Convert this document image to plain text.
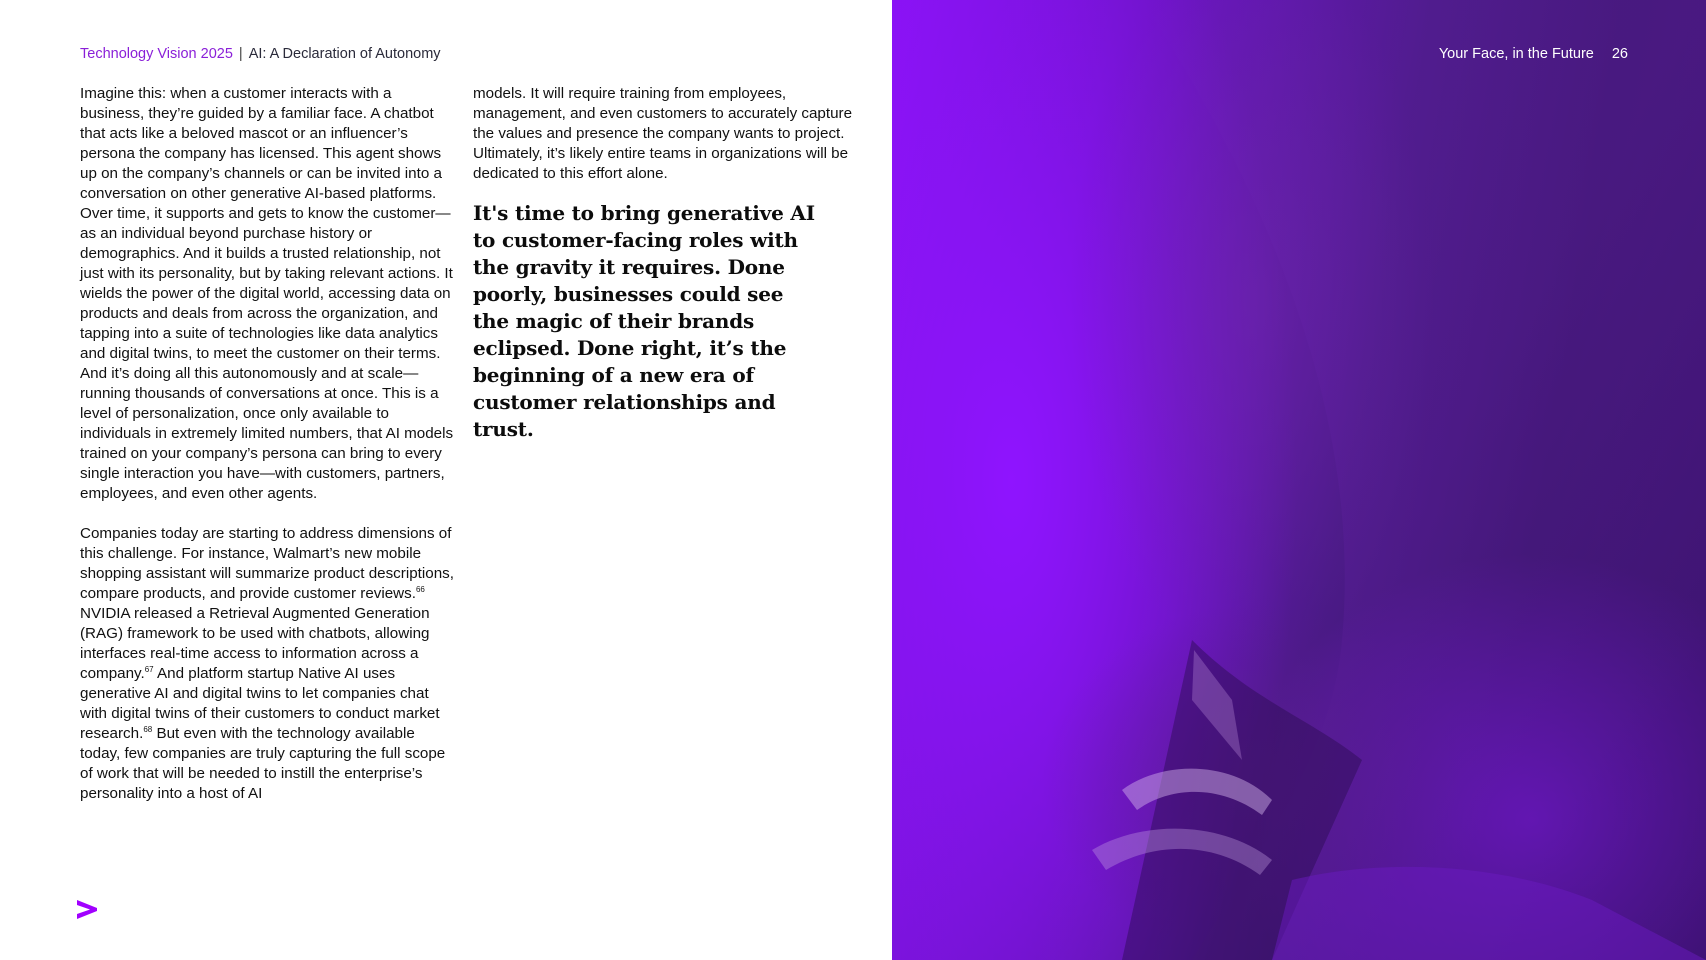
Technology Vision 2025 | AI: A Declaration of Autonomy

Imagine this: when a customer interacts with a business, they’re guided by a familiar face. A chatbot that acts like a beloved mascot or an influencer’s persona the company has licensed. This agent shows up on the company’s channels or can be invited into a conversation on other generative AI-based platforms. Over time, it supports and gets to know the customer—as an individual beyond purchase history or demographics. And it builds a trusted relationship, not just with its personality, but by taking relevant actions. It wields the power of the digital world, accessing data on products and deals from across the organization, and tapping into a suite of technologies like data analytics and digital twins, to meet the customer on their terms. And it’s doing all this autonomously and at scale—running thousands of conversations at once. This is a level of personalization, once only available to individuals in extremely limited numbers, that AI models trained on your company’s persona can bring to every single interaction you have—with customers, partners, employees, and even other agents.

Companies today are starting to address dimensions of this challenge. For instance, Walmart’s new mobile shopping assistant will summarize product descriptions, compare products, and provide customer reviews.$^{66}$ NVIDIA released a Retrieval Augmented Generation (RAG) framework to be used with chatbots, allowing interfaces real-time access to information across a company.$^{67}$ And platform startup Native AI uses generative AI and digital twins to let companies chat with digital twins of their customers to conduct market research.$^{68}$ But even with the technology available today, few companies are truly capturing the full scope of work that will be needed to instill the enterprise’s personality into a host of AI

models. It will require training from employees, management, and even customers to accurately capture the values and presence the company wants to project. Ultimately, it’s likely entire teams in organizations will be dedicated to this effort alone.

It's time to bring generative AI to customer-facing roles with the gravity it requires. Done poorly, businesses could see the magic of their brands eclipsed. Done right, it’s the beginning of a new era of customer relationships and trust.
Your Face, in the Future 26
